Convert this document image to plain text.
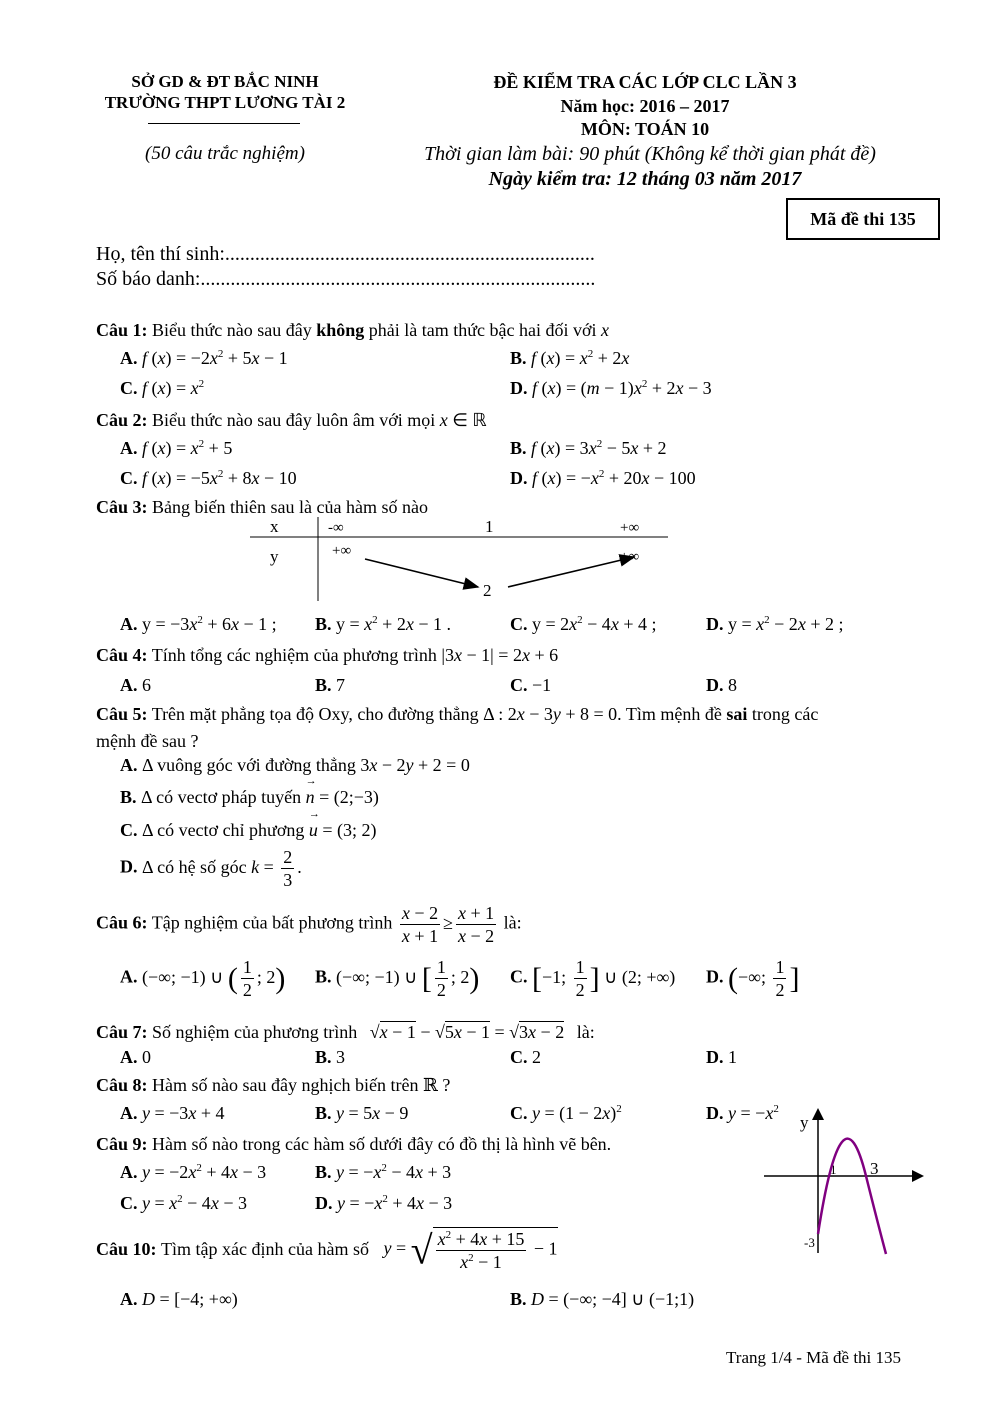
SỞ GD & ĐT BẮC NINH
TRƯỜNG THPT LƯƠNG TÀI 2
(50 câu trắc nghiệm)
ĐỀ KIỂM TRA CÁC LỚP CLC LẦN 3
Năm học: 2016 – 2017
MÔN: TOÁN 10
Thời gian làm bài: 90 phút (Không kể thời gian phát đề)
Ngày kiểm tra: 12 tháng 03 năm 2017
Mã đề thi 135
Họ, tên thí sinh:..........................................................................
Số báo danh:...............................................................................
Câu 1: Biểu thức nào sau đây không phải là tam thức bậc hai đối với x
A. f $(x) = -2x^2 + 5x - 1$	B. f $(x) = x^2 + 2x$
C. f $(x) = x^2$	D. f $(x) = (m - 1)x^2 + 2x - 3$
Câu 2: Biểu thức nào sau đây luôn âm với mọi x ∈ ℝ
A. f $(x) = x^2 + 5$	B. f $(x) = 3x^2 - 5x + 2$
C. f $(x) = -5x^2 + 8x - 10$	D. f $(x) = -x^2 + 20x - 100$
Câu 3: Bảng biến thiên sau là của hàm số nào
x
y
-∞	1	+∞
+∞	+∞
2
A. $y = -3x^2 + 6x - 1$ ; B. $y = x^2 + 2x - 1$ .	C. $y = 2x^2 - 4x + 4$ ;	D. $y = x^2 - 2x + 2$ ;
Câu 4: Tính tổng các nghiệm của phương trình |3x − 1| = 2x + 6
A. 6	B. 7	C. −1	D. 8
Câu 5: Trên mặt phẳng tọa độ Oxy, cho đường thẳng Δ : 2x − 3y + 8 = 0. Tìm mệnh đề sai trong các
mệnh đề sau ?
A. Δ vuông góc với đường thẳng 3x − 2y + 2 = 0
B. Δ có vectơ pháp tuyến n
→
= (2;−3)
C. Δ có vectơ chỉ phương u
→
= (3; 2)
D. Δ có hệ số góc $k = \frac{2}{3}$ .
Câu 6: Tập nghiệm của bất phương trình $\frac{x - 2}{x + 1} \ge \frac{x + 1}{x - 2}$ là:
A. (−∞; −1) ∪ ( $\frac{1}{2}$ ; 2) B. (−∞; −1) ∪ [ $\frac{1}{2}$ ; 2) C. [−1; $\frac{1}{2}$ ] ∪ (2; +∞) D. (−∞; $\frac{1}{2}$ ]
Câu 7: Số nghiệm của phương trình √x − 1 − √5x − 1 = √3x − 2 là:
A. 0	B. 3	C. 2	D. 1
Câu 8: Hàm số nào sau đây nghịch biến trên ℝ ?
A. y = −3x + 4	B. y = 5x − 9	C. $y = (1 - 2x)^2$	D. $y = -x^2$
Câu 9: Hàm số nào trong các hàm số dưới đây có đồ thị là hình vẽ bên.
A. $y = -2x^2 + 4x - 3$	B. $y = -x^2 - 4x + 3$
C. $y = x^2 - 4x - 3$	D. $y = -x^2 + 4x - 3$
y
1 3
-3
Câu 10: Tìm tập xác định của hàm số y = √ $\frac{x^2 + 4x + 15}{x^2 - 1} - 1$
A. D = [−4; +∞)	B. D = (−∞; −4] ∪ (−1;1)
Trang 1/4 - Mã đề thi 135
